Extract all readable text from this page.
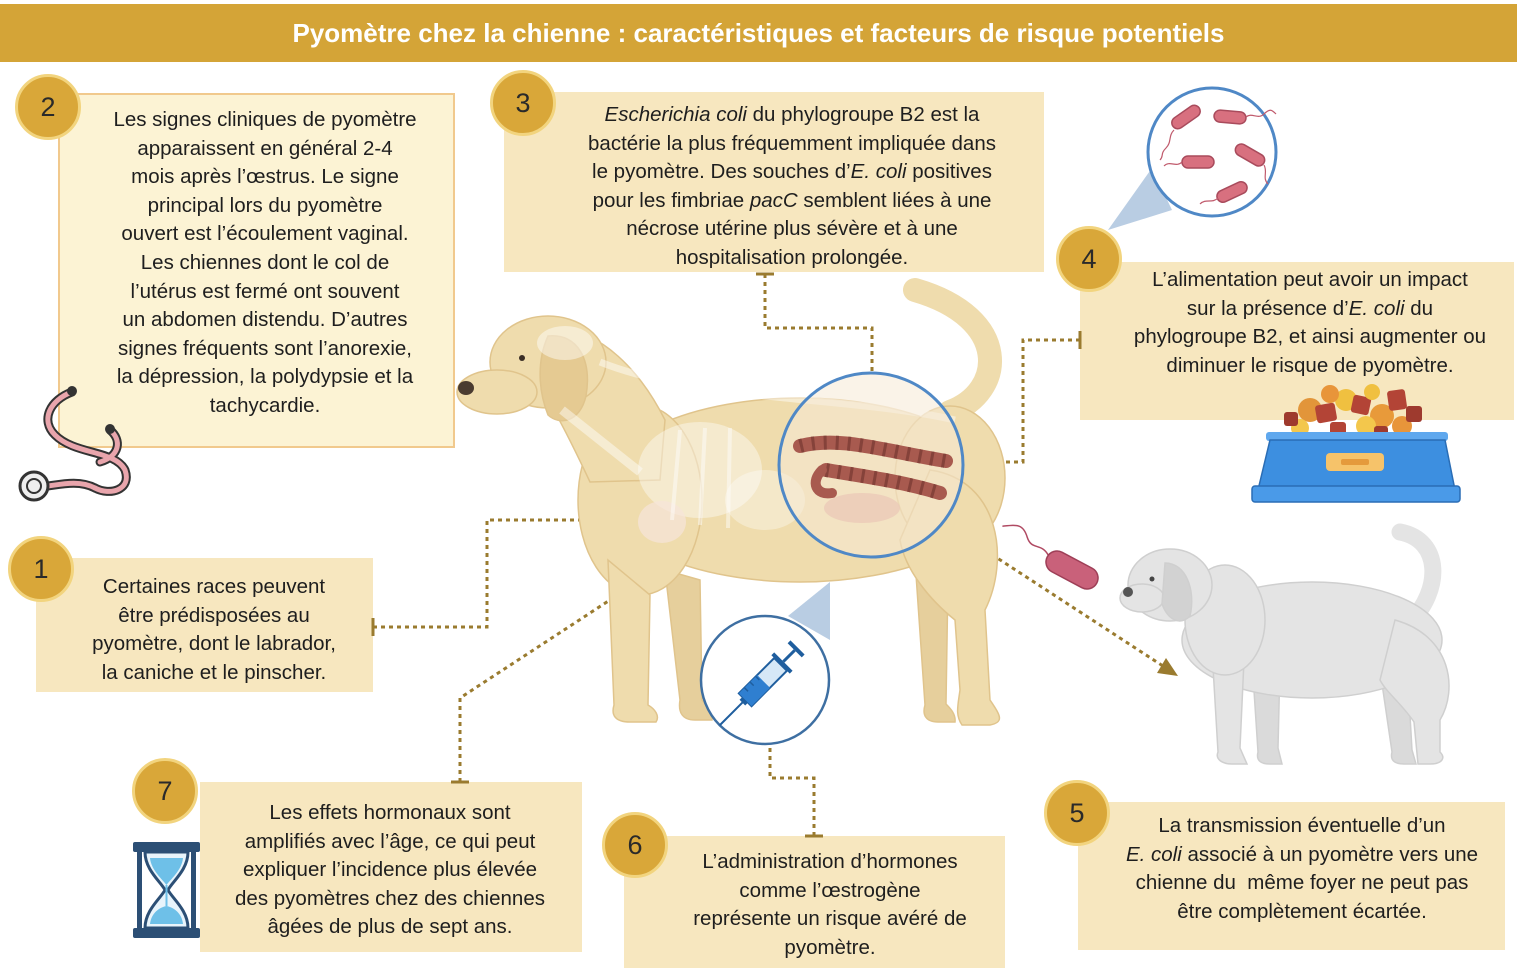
Pyomètre chez la chienne : caractéristiques et facteurs de risque potentiels
Les signes cliniques de pyomètre
apparaissent en général 2-4
mois après l’œstrus. Le signe
principal lors du pyomètre
ouvert est l’écoulement vaginal.
Les chiennes dont le col de
l’utérus est fermé ont souvent
un abdomen distendu. D’autres
signes fréquents sont l’anorexie,
la dépression, la polydypsie et la
tachycardie.
Escherichia coli du phylogroupe B2 est la
bactérie la plus fréquemment impliquée dans
le pyomètre. Des souches d’E. coli positives
pour les fimbriae pacC semblent liées à une
nécrose utérine plus sévère et à une
hospitalisation prolongée.
L’alimentation peut avoir un impact
sur la présence d’E. coli du
phylogroupe B2, et ainsi augmenter ou
diminuer le risque de pyomètre.
Certaines races peuvent
être prédisposées au
pyomètre, dont le labrador,
la caniche et le pinscher.
Les effets hormonaux sont
amplifiés avec l’âge, ce qui peut
expliquer l’incidence plus élevée
des pyomètres chez des chiennes
âgées de plus de sept ans.
L’administration d’hormones
comme l’œstrogène
représente un risque avéré de
pyomètre.
La transmission éventuelle d’un
E. coli associé à un pyomètre vers une
chienne du  même foyer ne peut pas
être complètement écartée.
2	3
4
1
7
6
5
